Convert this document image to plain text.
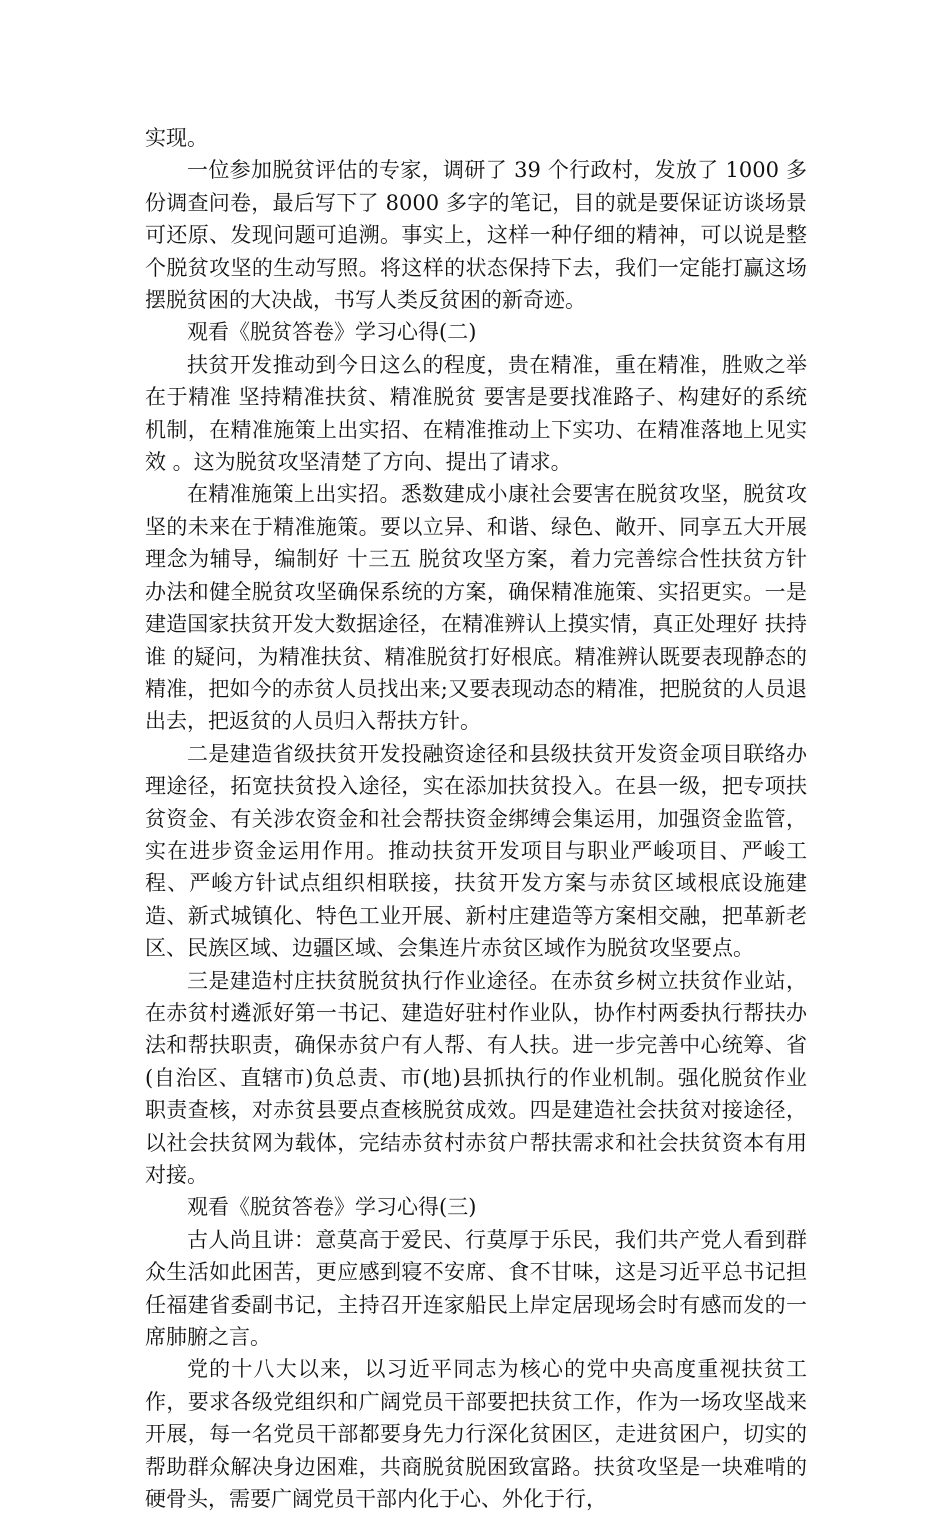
实现。

一位参加脱贫评估的专家，调研了 39 个行政村，发放了 1000 多份调查问卷，最后写下了 8000 多字的笔记，目的就是要保证访谈场景可还原、发现问题可追溯。事实上，这样一种仔细的精神，可以说是整个脱贫攻坚的生动写照。将这样的状态保持下去，我们一定能打赢这场摆脱贫困的大决战，书写人类反贫困的新奇迹。

观看《脱贫答卷》学习心得(二)

扶贫开发推动到今日这么的程度，贵在精准，重在精准，胜败之举在于精准 坚持精准扶贫、精准脱贫 要害是要找准路子、构建好的系统机制，在精准施策上出实招、在精准推动上下实功、在精准落地上见实效 。这为脱贫攻坚清楚了方向、提出了请求。

在精准施策上出实招。悉数建成小康社会要害在脱贫攻坚，脱贫攻坚的未来在于精准施策。要以立异、和谐、绿色、敞开、同享五大开展理念为辅导，编制好 十三五 脱贫攻坚方案，着力完善综合性扶贫方针办法和健全脱贫攻坚确保系统的方案，确保精准施策、实招更实。一是建造国家扶贫开发大数据途径，在精准辨认上摸实情，真正处理好 扶持谁 的疑问，为精准扶贫、精准脱贫打好根底。精准辨认既要表现静态的精准，把如今的赤贫人员找出来;又要表现动态的精准，把脱贫的人员退出去，把返贫的人员归入帮扶方针。

二是建造省级扶贫开发投融资途径和县级扶贫开发资金项目联络办理途径，拓宽扶贫投入途径，实在添加扶贫投入。在县一级，把专项扶贫资金、有关涉农资金和社会帮扶资金绑缚会集运用，加强资金监管，实在进步资金运用作用。推动扶贫开发项目与职业严峻项目、严峻工程、严峻方针试点组织相联接，扶贫开发方案与赤贫区域根底设施建造、新式城镇化、特色工业开展、新村庄建造等方案相交融，把革新老区、民族区域、边疆区域、会集连片赤贫区域作为脱贫攻坚要点。

三是建造村庄扶贫脱贫执行作业途径。在赤贫乡树立扶贫作业站，在赤贫村遴派好第一书记、建造好驻村作业队，协作村两委执行帮扶办法和帮扶职责，确保赤贫户有人帮、有人扶。进一步完善中心统筹、省(自治区、直辖市)负总责、市(地)县抓执行的作业机制。强化脱贫作业职责查核，对赤贫县要点查核脱贫成效。四是建造社会扶贫对接途径，以社会扶贫网为载体，完结赤贫村赤贫户帮扶需求和社会扶贫资本有用对接。

观看《脱贫答卷》学习心得(三)

古人尚且讲：意莫高于爱民、行莫厚于乐民，我们共产党人看到群众生活如此困苦，更应感到寝不安席、食不甘味，这是习近平总书记担任福建省委副书记，主持召开连家船民上岸定居现场会时有感而发的一席肺腑之言。

党的十八大以来，以习近平同志为核心的党中央高度重视扶贫工作，要求各级党组织和广阔党员干部要把扶贫工作，作为一场攻坚战来开展，每一名党员干部都要身先力行深化贫困区，走进贫困户，切实的帮助群众解决身边困难，共商脱贫脱困致富路。扶贫攻坚是一块难啃的硬骨头，需要广阔党员干部内化于心、外化于行，
